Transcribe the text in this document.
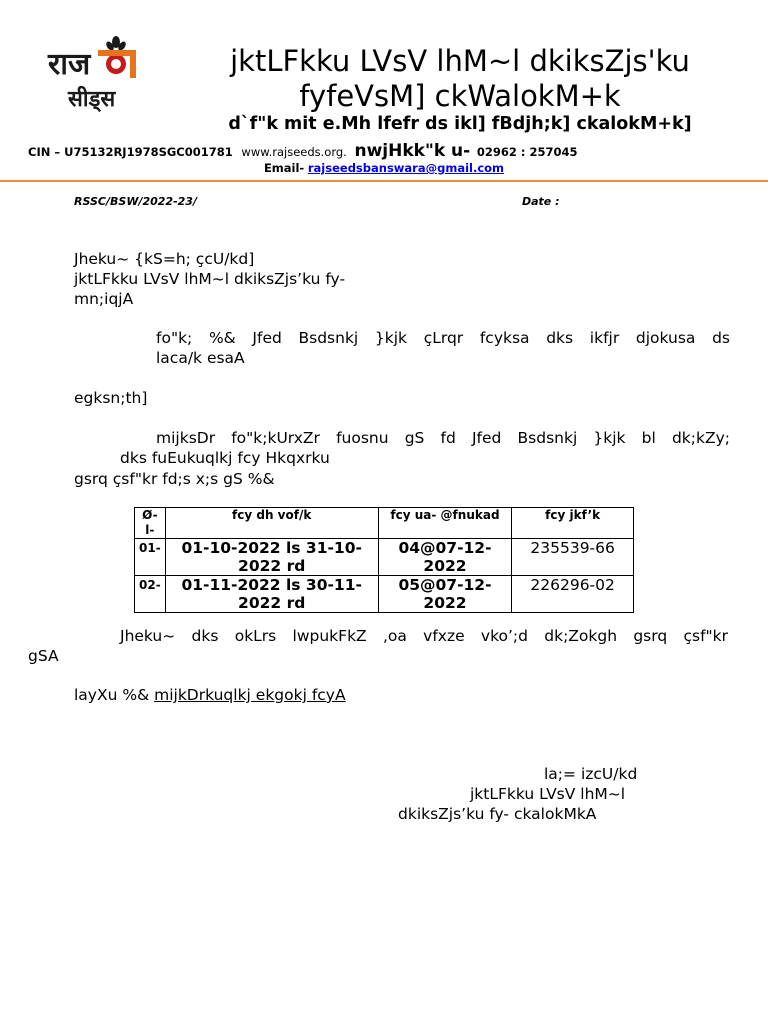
राज
सीड्स
jktLFkku LVsV lhM~l dkiksZjs'ku
fyfeVsM] ckWalokM+k
d`f"k mit e.Mh lfefr ds ikl] fBdjh;k] ckalokM+k]
CIN – U75132RJ1978SGC001781 www.rajseeds.org. nwjHkk"k u- 02962 : 257045
Email- rajseedsbanswara@gmail.com
RSSC/BSW/2022-23/	Date :
Jheku~ {kS=h; çcU/kd]
jktLFkku LVsV lhM~l dkiksZjs’ku fy-
mn;iqjA
fo"k; %& Jfed Bsdsnkj }kjk çLrqr fcyksa dks ikfjr djokusa ds
laca/k esaA
egksn;th]
mijksDr fo"k;kUrxZr fuosnu gS fd Jfed Bsdsnkj }kjk bl dk;kZy;
dks fuEukuqlkj fcy Hkqxrku
gsrq çsf"kr fd;s x;s gS %&
Ø- l-	fcy dh vof/k	fcy ua- @fnukad	fcy jkf’k
01-	01-10-2022 ls 31-10-2022 rd	04@07-12-2022	235539-66
02-	01-11-2022 ls 30-11-2022 rd	05@07-12-2022	226296-02
Jheku~ dks okLrs lwpukFkZ ,oa vfxze vko’;d dk;Zokgh gsrq çsf"kr
gSA
layXu %& mijkDrkuqlkj ekgokj fcyA
la;= izcU/kd
jktLFkku LVsV lhM~l
dkiksZjs’ku fy- ckalokMkA
